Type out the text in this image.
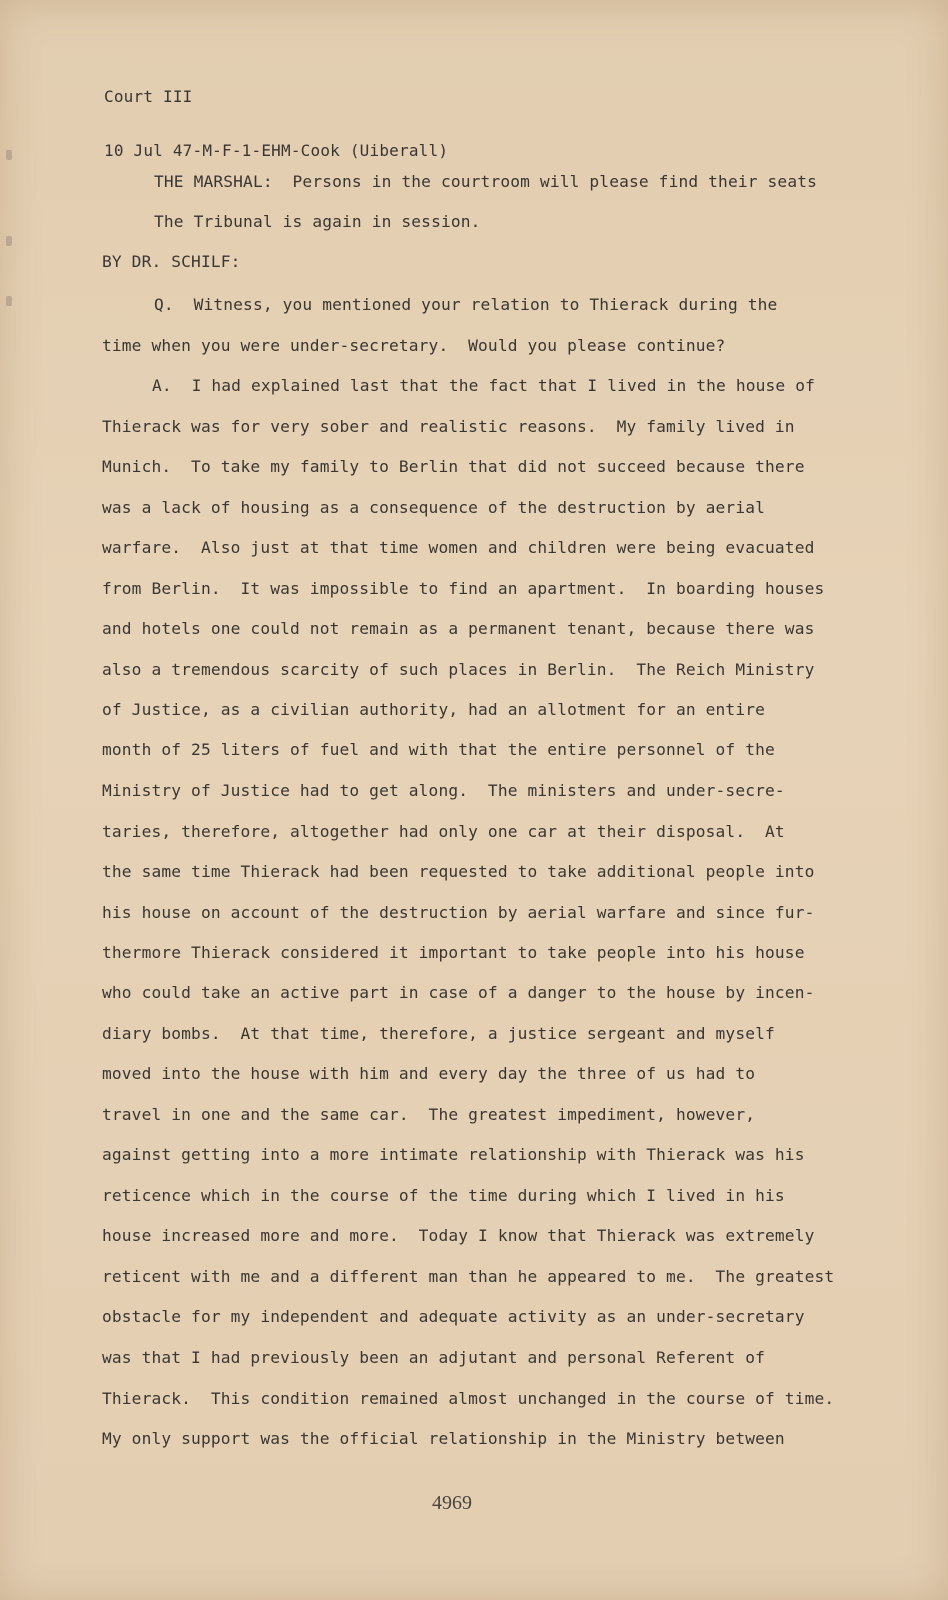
Court III

10 Jul 47-M-F-1-EHM-Cook (Uiberall)

THE MARSHAL:  Persons in the courtroom will please find their seats
The Tribunal is again in session.
BY DR. SCHILF:
Q.  Witness, you mentioned your relation to Thierack during the
time when you were under-secretary.  Would you please continue?
A.  I had explained last that the fact that I lived in the house of
Thierack was for very sober and realistic reasons.  My family lived in
Munich.  To take my family to Berlin that did not succeed because there
was a lack of housing as a consequence of the destruction by aerial
warfare.  Also just at that time women and children were being evacuated
from Berlin.  It was impossible to find an apartment.  In boarding houses
and hotels one could not remain as a permanent tenant, because there was
also a tremendous scarcity of such places in Berlin.  The Reich Ministry
of Justice, as a civilian authority, had an allotment for an entire
month of 25 liters of fuel and with that the entire personnel of the
Ministry of Justice had to get along.  The ministers and under-secre-
taries, therefore, altogether had only one car at their disposal.  At
the same time Thierack had been requested to take additional people into
his house on account of the destruction by aerial warfare and since fur-
thermore Thierack considered it important to take people into his house
who could take an active part in case of a danger to the house by incen-
diary bombs.  At that time, therefore, a justice sergeant and myself
moved into the house with him and every day the three of us had to
travel in one and the same car.  The greatest impediment, however,
against getting into a more intimate relationship with Thierack was his
reticence which in the course of the time during which I lived in his
house increased more and more.  Today I know that Thierack was extremely
reticent with me and a different man than he appeared to me.  The greatest
obstacle for my independent and adequate activity as an under-secretary
was that I had previously been an adjutant and personal Referent of
Thierack.  This condition remained almost unchanged in the course of time.
My only support was the official relationship in the Ministry between
4969
